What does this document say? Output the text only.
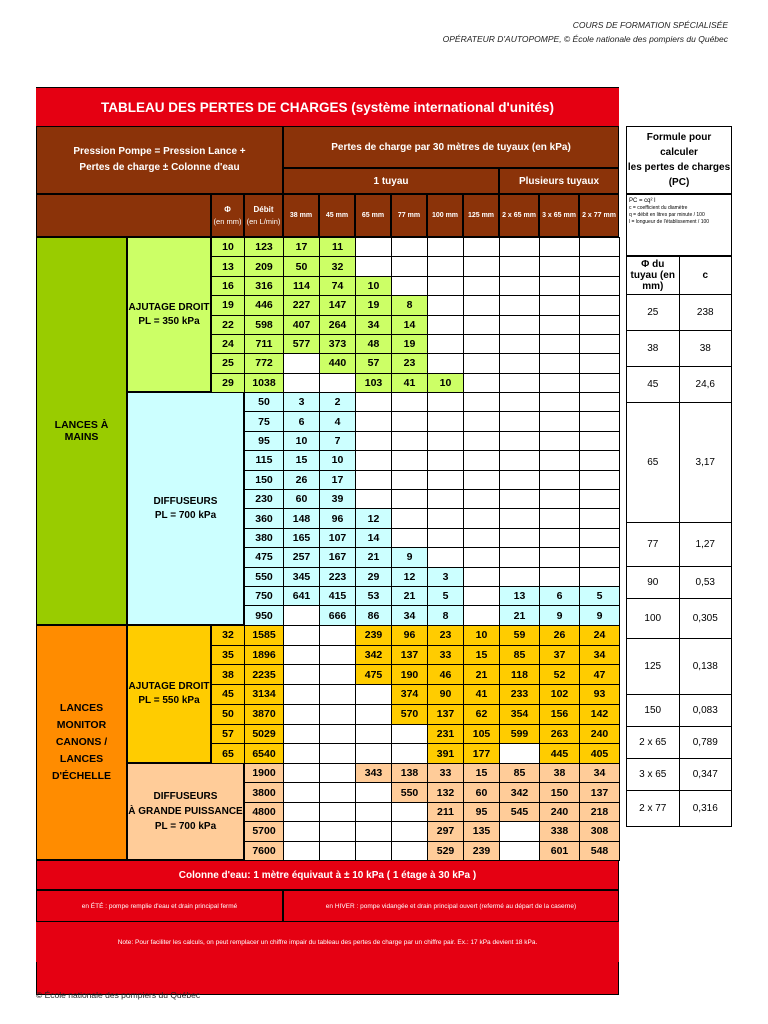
COURS DE FORMATION SPÉCIALISÉE
OPÉRATEUR D'AUTOPOMPE, © École nationale des pompiers du Québec
TABLEAU DES PERTES DE CHARGES (système international d'unités)
Pression Pompe = Pression Lance +
Pertes de charge ± Colonne d'eau
Pertes de charge par 30 mètres de tuyaux (en kPa)
1 tuyau	Plusieurs tuyaux
Φ
(en mm)
Débit
(en L/min)
38 mm	45 mm	65 mm	77 mm	100 mm	125 mm	2 x 65 mm 3 x 65 mm 2 x 77 mm
LANCES À MAINS
LANCES MONITOR CANONS / LANCES D'ÉCHELLE
AJUTAGE DROIT
PL = 350 kPa
DIFFUSEURS
PL = 700 kPa
AJUTAGE DROIT
PL = 550 kPa
DIFFUSEURS
À GRANDE PUISSANCE
PL = 700 kPa
10	123	17	11							
13	209	50	32							
16	316	114	74	10						
19	446	227	147	19	8					
22	598	407	264	34	14					
24	711	577	373	48	19					
25	772		440	57	23					
29	1038			103	41	10				
50	3	2							
75	6	4							
95	10	7							
115	15	10							
150	26	17							
230	60	39							
360	148	96	12						
380	165	107	14						
475	257	167	21	9					
550	345	223	29	12	3				
750	641	415	53	21	5		13	6	5
950		666	86	34	8		21	9	9
32	1585			239	96	23	10	59	26	24
35	1896			342	137	33	15	85	37	34
38	2235			475	190	46	21	118	52	47
45	3134				374	90	41	233	102	93
50	3870				570	137	62	354	156	142
57	5029					231	105	599	263	240
65	6540					391	177		445	405
1900			343	138	33	15	85	38	34
3800				550	132	60	342	150	137
4800					211	95	545	240	218
5700					297	135		338	308
7600					529	239		601	548
Colonne d'eau: 1 mètre équivaut à ± 10 kPa ( 1 étage à 30 kPa )
en ÉTÉ : pompe remplie d'eau et drain principal fermé	en HIVER : pompe vidangée et drain principal ouvert (refermé au départ de la caserne)
Note: Pour faciliter les calculs, on peut remplacer un chiffre impair du tableau des pertes de charge par un chiffre pair. Ex.: 17 kPa devient 18 kPa.
Formule pour calculer
les pertes de charges
(PC)
PC = cq² l
c = coefficient du diamètre
q = débit en litres par minute / 100
l = longueur de l'établissement / 100
Φ du tuyau (en mm)	c
25	238
38	38
45	24,6
65	3,17
77	1,27
90	0,53
100	0,305
125	0,138
150	0,083
2 x 65	0,789
3 x 65	0,347
2 x 77	0,316
© École nationale des pompiers du Québec
